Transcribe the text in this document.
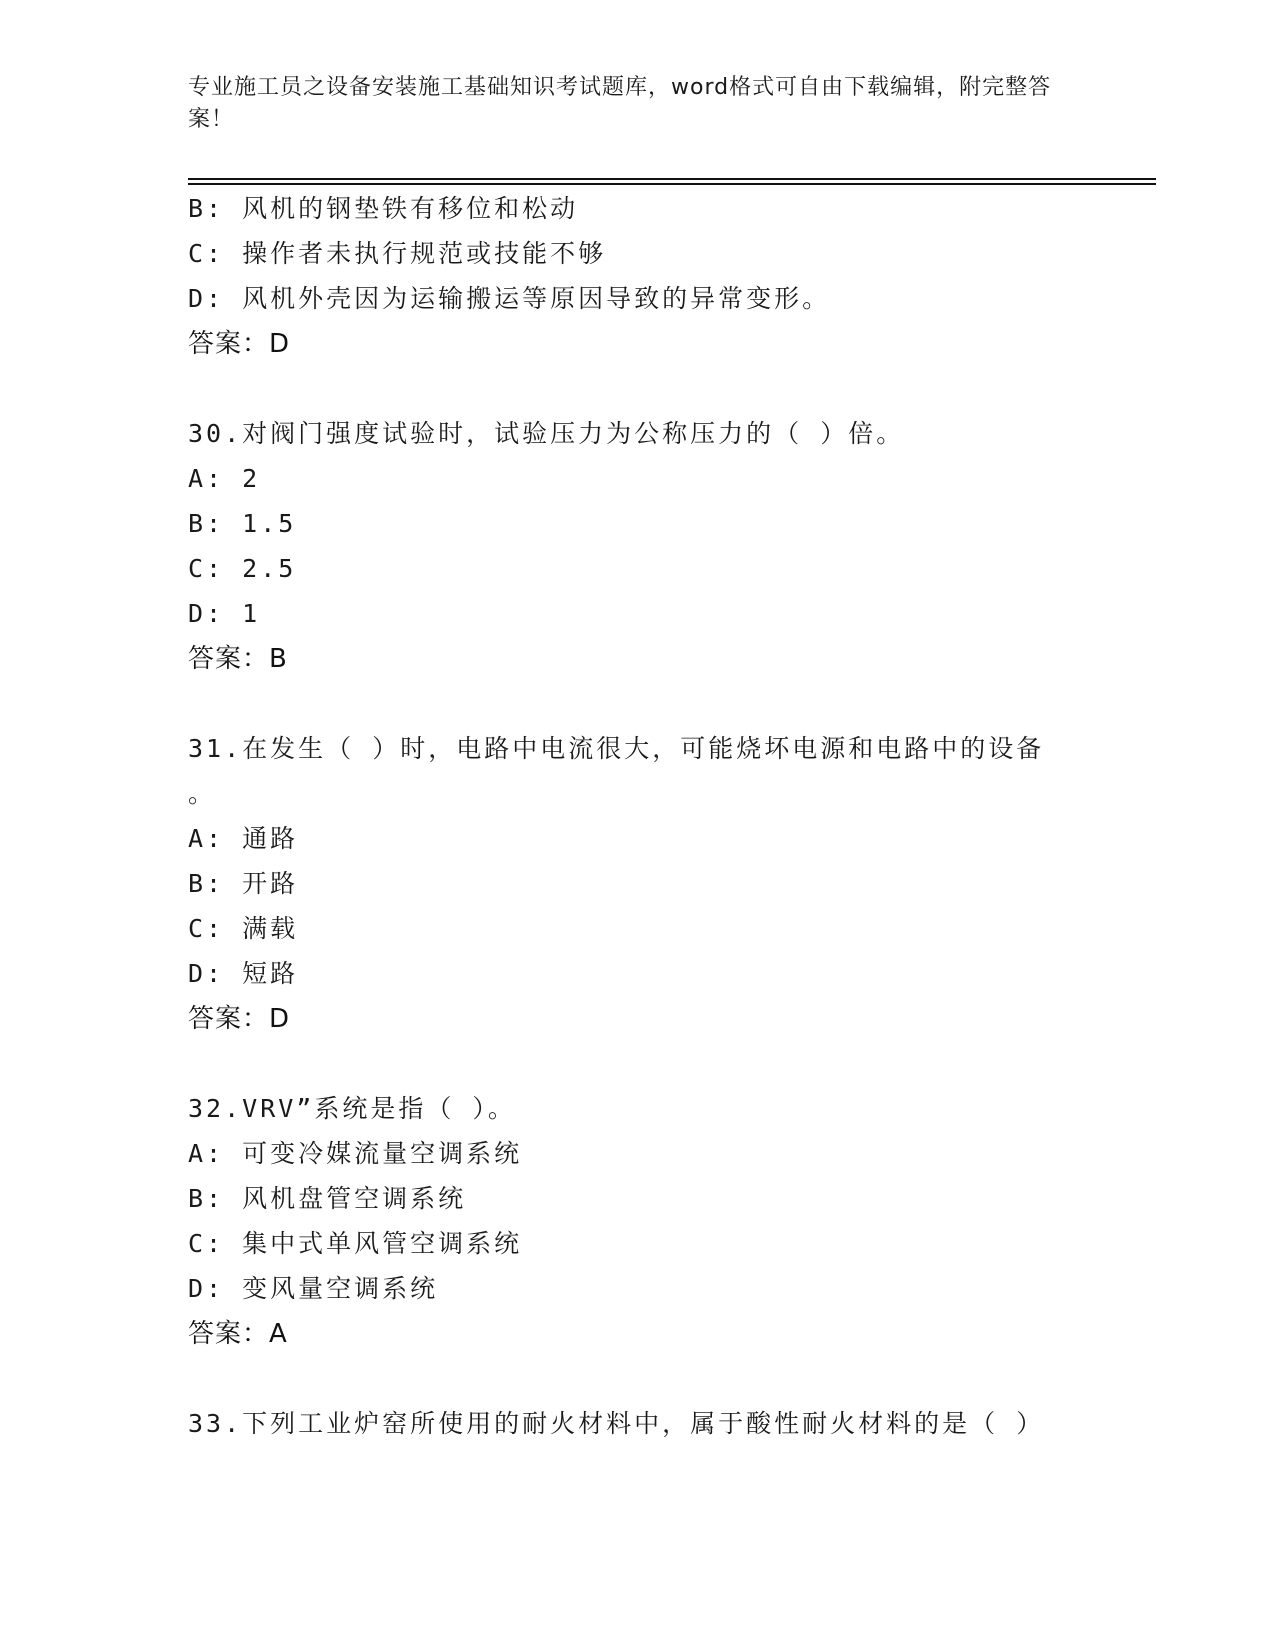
专业施工员之设备安装施工基础知识考试题库，word格式可自由下载编辑，附完整答案！
B: 风机的钢垫铁有移位和松动
C: 操作者未执行规范或技能不够
D: 风机外壳因为运输搬运等原因导致的异常变形。
答案：D
30.对阀门强度试验时，试验压力为公称压力的（ ）倍。
A: 2
B: 1.5
C: 2.5
D: 1
答案：B
31.在发生（ ）时，电路中电流很大，可能烧坏电源和电路中的设备
。
A: 通路
B: 开路
C: 满载
D: 短路
答案：D
32.VRV”系统是指（ ）。
A: 可变冷媒流量空调系统
B: 风机盘管空调系统
C: 集中式单风管空调系统
D: 变风量空调系统
答案：A
33.下列工业炉窑所使用的耐火材料中，属于酸性耐火材料的是（ ）
